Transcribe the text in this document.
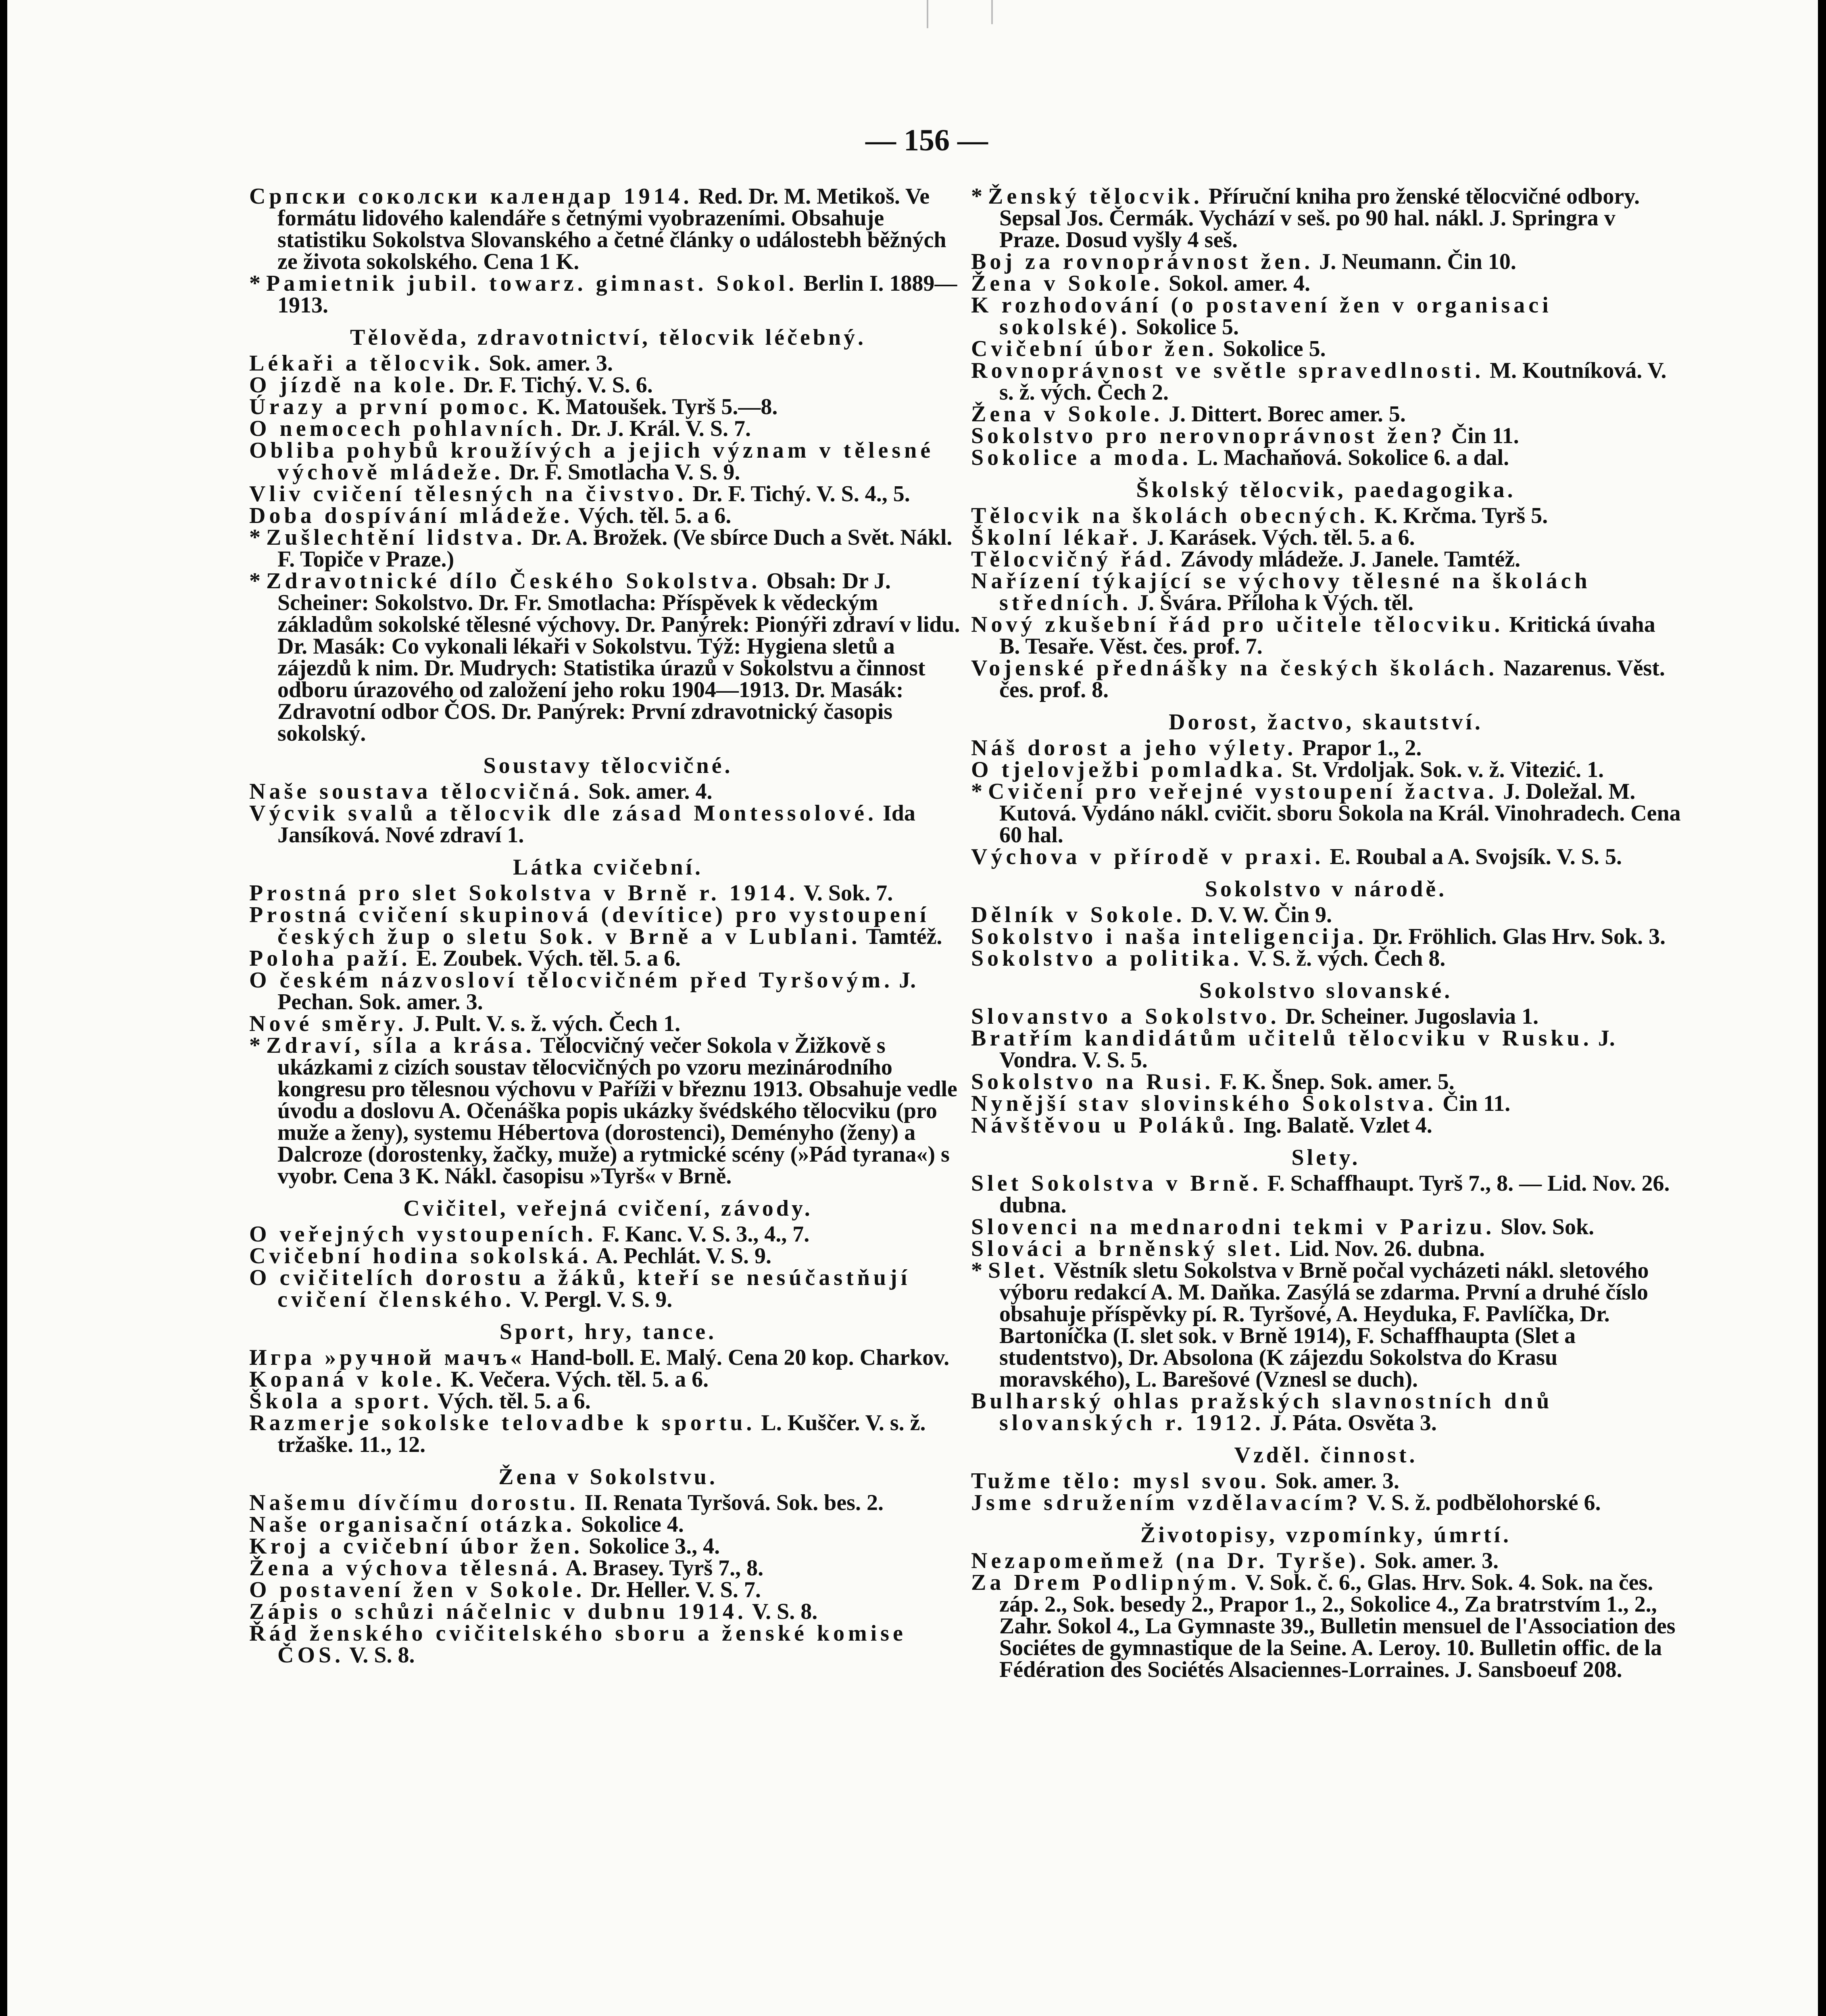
— 156 —

Српски соколски календар 1914. Red. Dr. M. Metikoš. Ve formátu lidového kalendáře s četnými vyobrazeními. Obsahuje statistiku Sokolstva Slovanského a četné články o událostebh běžných ze života sokolského. Cena 1 K.

* Pamietnik jubil. towarz. gimnast. Sokol. Berlin I. 1889—1913.

Tělověda, zdravotnictví, tělocvik léčebný.

Lékaři a tělocvik. Sok. amer. 3.

O jízdě na kole. Dr. F. Tichý. V. S. 6.

Úrazy a první pomoc. K. Matoušek. Tyrš 5.—8.

O nemocech pohlavních. Dr. J. Král. V. S. 7.

Obliba pohybů kroužívých a jejich význam v tělesné výchově mládeže. Dr. F. Smotlacha V. S. 9.

Vliv cvičení tělesných na čivstvo. Dr. F. Tichý. V. S. 4., 5.

Doba dospívání mládeže. Vých. těl. 5. a 6.

* Zušlechtění lidstva. Dr. A. Brožek. (Ve sbírce Duch a Svět. Nákl. F. Topiče v Praze.)

* Zdravotnické dílo Českého Sokolstva. Obsah: Dr J. Scheiner: Sokolstvo. Dr. Fr. Smotlacha: Příspěvek k vědeckým základům sokolské tělesné výchovy. Dr. Panýrek: Pionýři zdraví v lidu. Dr. Masák: Co vykonali lékaři v Sokolstvu. Týž: Hygiena sletů a zájezdů k nim. Dr. Mudrych: Statistika úrazů v Sokolstvu a činnost odboru úrazového od založení jeho roku 1904—1913. Dr. Masák: Zdravotní odbor ČOS. Dr. Panýrek: První zdravotnický časopis sokolský.

Soustavy tělocvičné.

Naše soustava tělocvičná. Sok. amer. 4.

Výcvik svalů a tělocvik dle zásad Montessolové. Ida Jansíková. Nové zdraví 1.

Látka cvičební.

Prostná pro slet Sokolstva v Brně r. 1914. V. Sok. 7.

Prostná cvičení skupinová (devítice) pro vystoupení českých žup o sletu Sok. v Brně a v Lublani. Tamtéž.

Poloha paží. E. Zoubek. Vých. těl. 5. a 6.

O českém názvosloví tělocvičném před Tyršovým. J. Pechan. Sok. amer. 3.

Nové směry. J. Pult. V. s. ž. vých. Čech 1.

* Zdraví, síla a krása. Tělocvičný večer Sokola v Žižkově s ukázkami z cizích soustav tělocvičných po vzoru mezinárodního kongresu pro tělesnou výchovu v Paříži v březnu 1913. Obsahuje vedle úvodu a doslovu A. Očenáška popis ukázky švédského tělocviku (pro muže a ženy), systemu Hébertova (dorostenci), Deményho (ženy) a Dalcroze (dorostenky, žačky, muže) a rytmické scény (»Pád tyrana«) s vyobr. Cena 3 K. Nákl. časopisu »Tyrš« v Brně.

Cvičitel, veřejná cvičení, závody.

O veřejných vystoupeních. F. Kanc. V. S. 3., 4., 7.

Cvičební hodina sokolská. A. Pechlát. V. S. 9.

O cvičitelích dorostu a žáků, kteří se nesúčastňují cvičení členského. V. Pergl. V. S. 9.

Sport, hry, tance.

Игра »ручной мачъ« Hand-boll. E. Malý. Cena 20 kop. Charkov.

Kopaná v kole. K. Večera. Vých. těl. 5. a 6.

Škola a sport. Vých. těl. 5. a 6.

Razmerje sokolske telovadbe k sportu. L. Kuščer. V. s. ž. tržaške. 11., 12.

Žena v Sokolstvu.

Našemu dívčímu dorostu. II. Renata Tyršová. Sok. bes. 2.

Naše organisační otázka. Sokolice 4.

Kroj a cvičební úbor žen. Sokolice 3., 4.

Žena a výchova tělesná. A. Brasey. Tyrš 7., 8.

O postavení žen v Sokole. Dr. Heller. V. S. 7.

Zápis o schůzi náčelnic v dubnu 1914. V. S. 8.

Řád ženského cvičitelského sboru a ženské komise ČOS. V. S. 8.

* Ženský tělocvik. Příruční kniha pro ženské tělocvičné odbory. Sepsal Jos. Čermák. Vychází v seš. po 90 hal. nákl. J. Springra v Praze. Dosud vyšly 4 seš.

Boj za rovnoprávnost žen. J. Neumann. Čin 10.

Žena v Sokole. Sokol. amer. 4.

K rozhodování (o postavení žen v organisaci sokolské). Sokolice 5.

Cvičební úbor žen. Sokolice 5.

Rovnoprávnost ve světle spravedlnosti. M. Koutníková. V. s. ž. vých. Čech 2.

Žena v Sokole. J. Dittert. Borec amer. 5.

Sokolstvo pro nerovnoprávnost žen? Čin 11.

Sokolice a moda. L. Machaňová. Sokolice 6. a dal.

Školský tělocvik, paedagogika.

Tělocvik na školách obecných. K. Krčma. Tyrš 5.

Školní lékař. J. Karásek. Vých. těl. 5. a 6.

Tělocvičný řád. Závody mládeže. J. Janele. Tamtéž.

Nařízení týkající se výchovy tělesné na školách středních. J. Švára. Příloha k Vých. těl.

Nový zkušební řád pro učitele tělocviku. Kritická úvaha B. Tesaře. Věst. čes. prof. 7.

Vojenské přednášky na českých školách. Nazarenus. Věst. čes. prof. 8.

Dorost, žactvo, skautství.

Náš dorost a jeho výlety. Prapor 1., 2.

O tjelovježbi pomladka. St. Vrdoljak. Sok. v. ž. Vitezić. 1.

* Cvičení pro veřejné vystoupení žactva. J. Doležal. M. Kutová. Vydáno nákl. cvičit. sboru Sokola na Král. Vinohradech. Cena 60 hal.

Výchova v přírodě v praxi. E. Roubal a A. Svojsík. V. S. 5.

Sokolstvo v národě.

Dělník v Sokole. D. V. W. Čin 9.

Sokolstvo i naša inteligencija. Dr. Fröhlich. Glas Hrv. Sok. 3.

Sokolstvo a politika. V. S. ž. vých. Čech 8.

Sokolstvo slovanské.

Slovanstvo a Sokolstvo. Dr. Scheiner. Jugoslavia 1.

Bratřím kandidátům učitelů tělocviku v Rusku. J. Vondra. V. S. 5.

Sokolstvo na Rusi. F. K. Šnep. Sok. amer. 5.

Nynější stav slovinského Sokolstva. Čin 11.

Návštěvou u Poláků. Ing. Balatě. Vzlet 4.

Slety.

Slet Sokolstva v Brně. F. Schaffhaupt. Tyrš 7., 8. — Lid. Nov. 26. dubna.

Slovenci na mednarodni tekmi v Parizu. Slov. Sok.

Slováci a brněnský slet. Lid. Nov. 26. dubna.

* Slet. Věstník sletu Sokolstva v Brně počal vycházeti nákl. sletového výboru redakcí A. M. Daňka. Zasýlá se zdarma. První a druhé číslo obsahuje příspěvky pí. R. Tyršové, A. Heyduka, F. Pavlíčka, Dr. Bartoníčka (I. slet sok. v Brně 1914), F. Schaffhaupta (Slet a studentstvo), Dr. Absolona (K zájezdu Sokolstva do Krasu moravského), L. Barešové (Vznesl se duch).

Bulharský ohlas pražských slavnostních dnů slovanských r. 1912. J. Páta. Osvěta 3.

Vzděl. činnost.

Tužme tělo: mysl svou. Sok. amer. 3.

Jsme sdružením vzdělavacím? V. S. ž. podbělohorské 6.

Životopisy, vzpomínky, úmrtí.

Nezapomeňmež (na Dr. Tyrše). Sok. amer. 3.

Za Drem Podlipným. V. Sok. č. 6., Glas. Hrv. Sok. 4. Sok. na čes. záp. 2., Sok. besedy 2., Prapor 1., 2., Sokolice 4., Za bratrstvím 1., 2., Zahr. Sokol 4., La Gymnaste 39., Bulletin mensuel de l'Association des Sociétes de gymnastique de la Seine. A. Leroy. 10. Bulletin offic. de la Fédération des Sociétés Alsaciennes-Lorraines. J. Sansboeuf 208.
